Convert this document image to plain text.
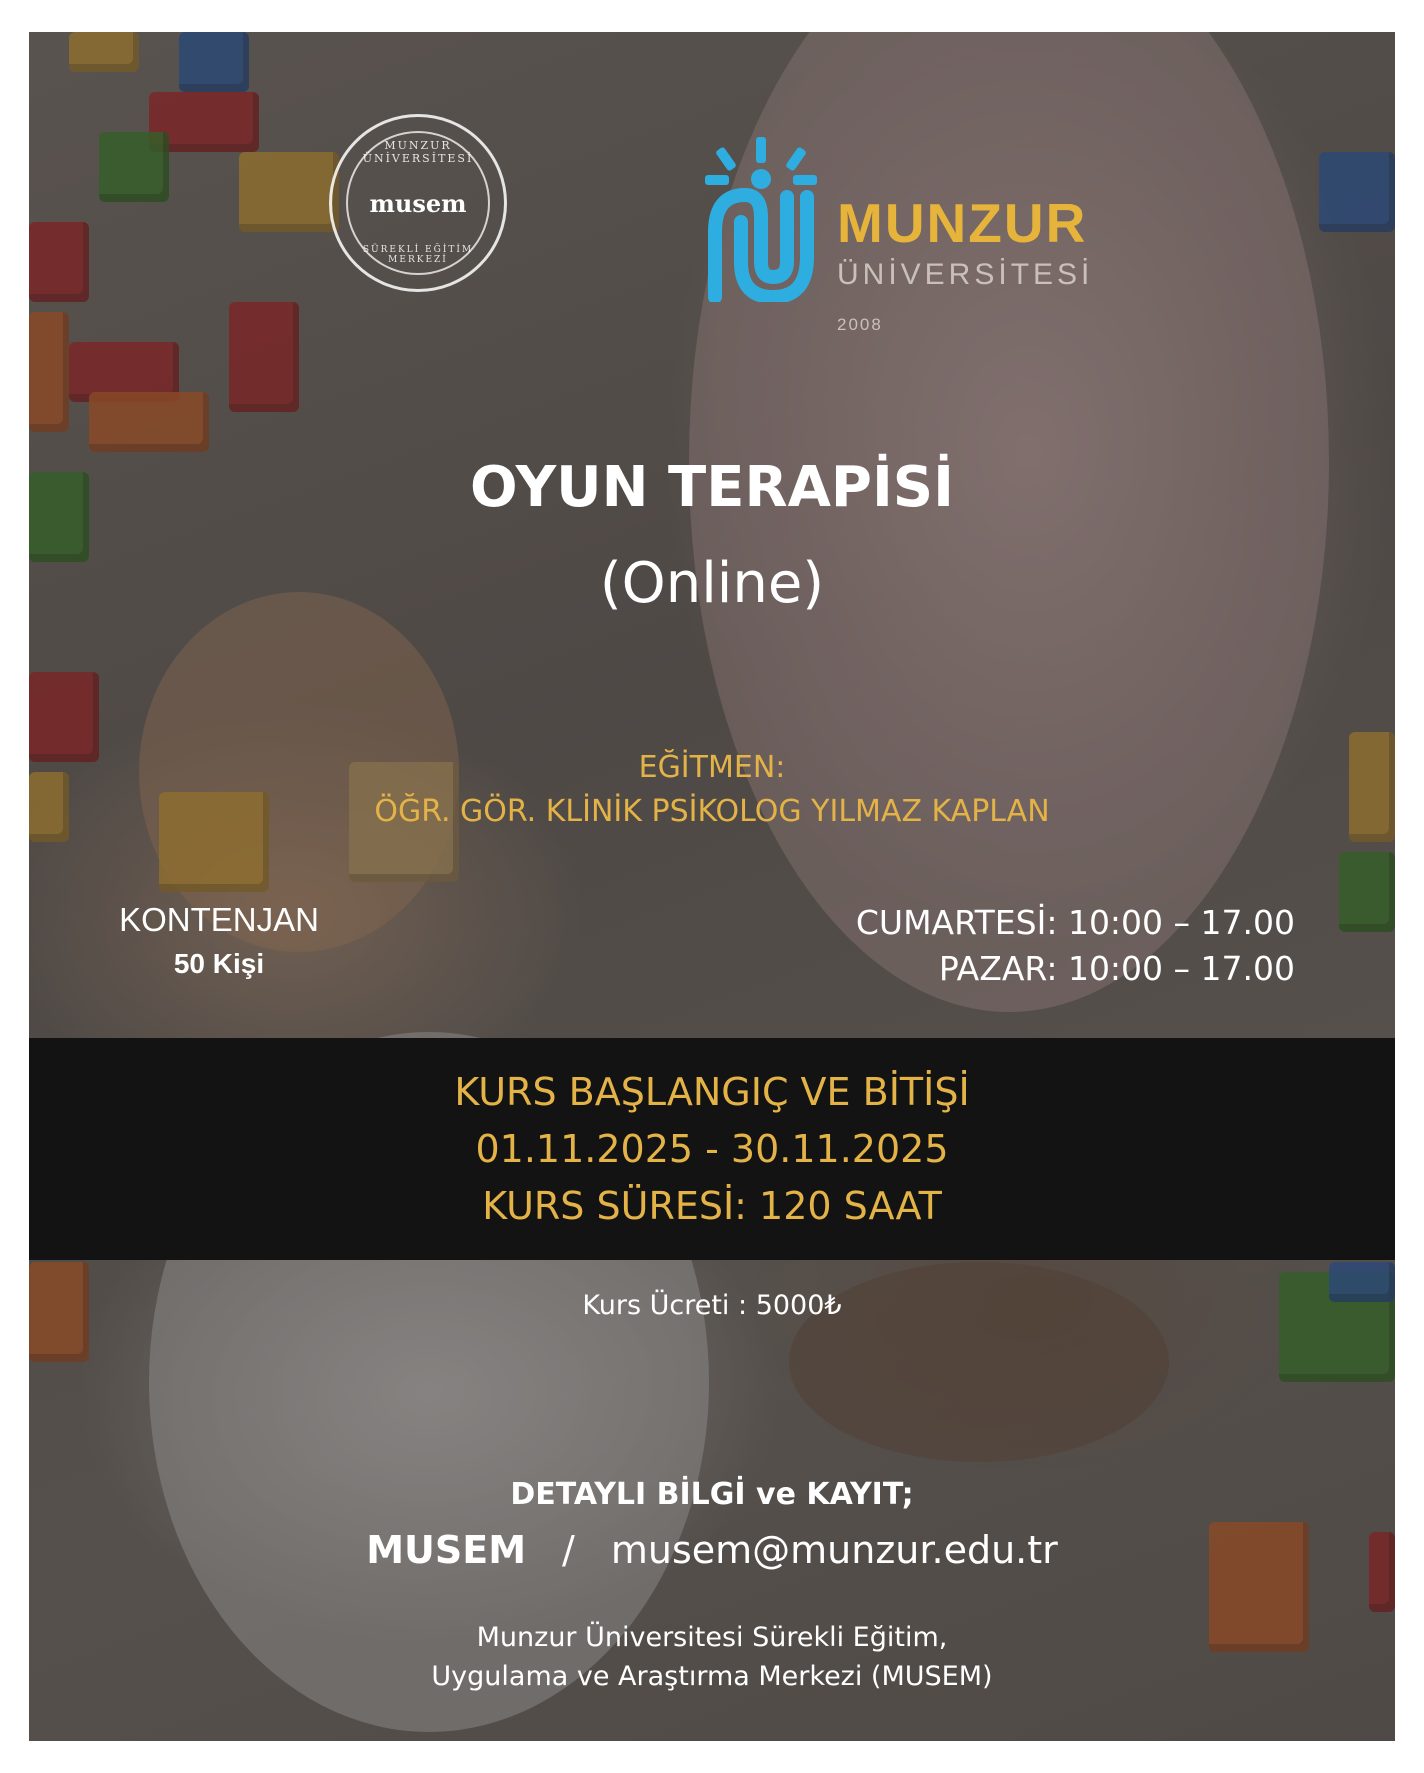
MUNZUR ÜNİVERSİTESİ
musem
SÜREKLİ EĞİTİM MERKEZİ
MUNZUR
ÜNİVERSİTESİ
2008
OYUN TERAPİSİ
(Online)
EĞİTMEN:
ÖĞR. GÖR. KLİNİK PSİKOLOG YILMAZ KAPLAN
KONTENJAN
50 Kişi
CUMARTESİ: 10:00 – 17.00
PAZAR: 10:00 – 17.00
KURS BAŞLANGIÇ VE BİTİŞİ
01.11.2025 - 30.11.2025
KURS SÜRESİ: 120 SAAT
Kurs Ücreti : 5000₺
DETAYLI BİLGİ ve KAYIT;
MUSEM / musem@munzur.edu.tr
Munzur Üniversitesi Sürekli Eğitim,
Uygulama ve Araştırma Merkezi (MUSEM)
